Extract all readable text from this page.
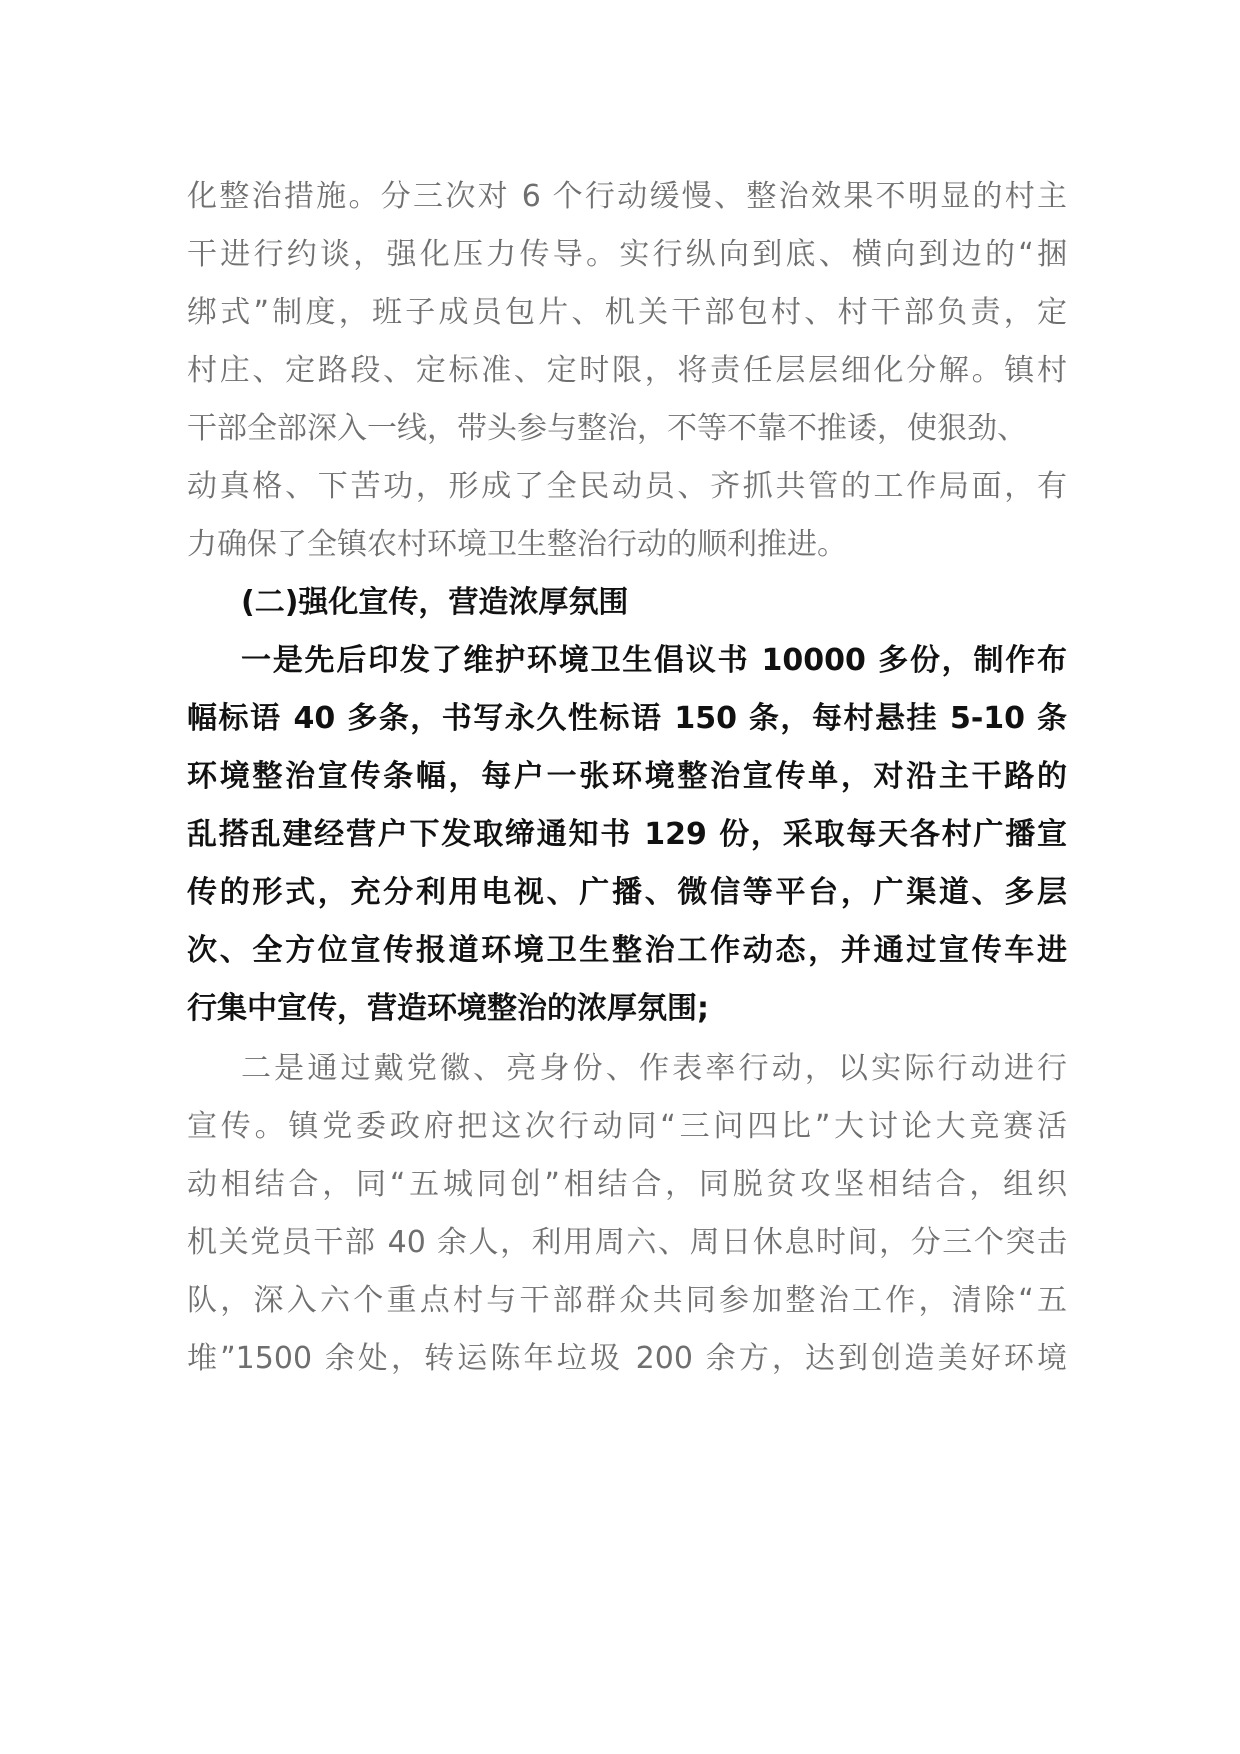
化整治措施。分三次对 6 个行动缓慢、整治效果不明显的村主
干进行约谈，强化压力传导。实行纵向到底、横向到边的“捆
绑式”制度，班子成员包片、机关干部包村、村干部负责，定
村庄、定路段、定标准、定时限，将责任层层细化分解。镇村
干部全部深入一线，带头参与整治，不等不靠不推诿，使狠劲、
动真格、下苦功，形成了全民动员、齐抓共管的工作局面，有
力确保了全镇农村环境卫生整治行动的顺利推进。
(二)强化宣传，营造浓厚氛围
一是先后印发了维护环境卫生倡议书 10000 多份，制作布
幅标语 40 多条，书写永久性标语 150 条，每村悬挂 5-10 条
环境整治宣传条幅，每户一张环境整治宣传单，对沿主干路的
乱搭乱建经营户下发取缔通知书 129 份，采取每天各村广播宣
传的形式，充分利用电视、广播、微信等平台，广渠道、多层
次、全方位宣传报道环境卫生整治工作动态，并通过宣传车进
行集中宣传，营造环境整治的浓厚氛围;
二是通过戴党徽、亮身份、作表率行动，以实际行动进行
宣传。镇党委政府把这次行动同“三问四比”大讨论大竞赛活
动相结合，同“五城同创”相结合，同脱贫攻坚相结合，组织
机关党员干部 40 余人，利用周六、周日休息时间，分三个突击
队，深入六个重点村与干部群众共同参加整治工作，清除“五
堆”1500 余处，转运陈年垃圾 200 余方，达到创造美好环境
